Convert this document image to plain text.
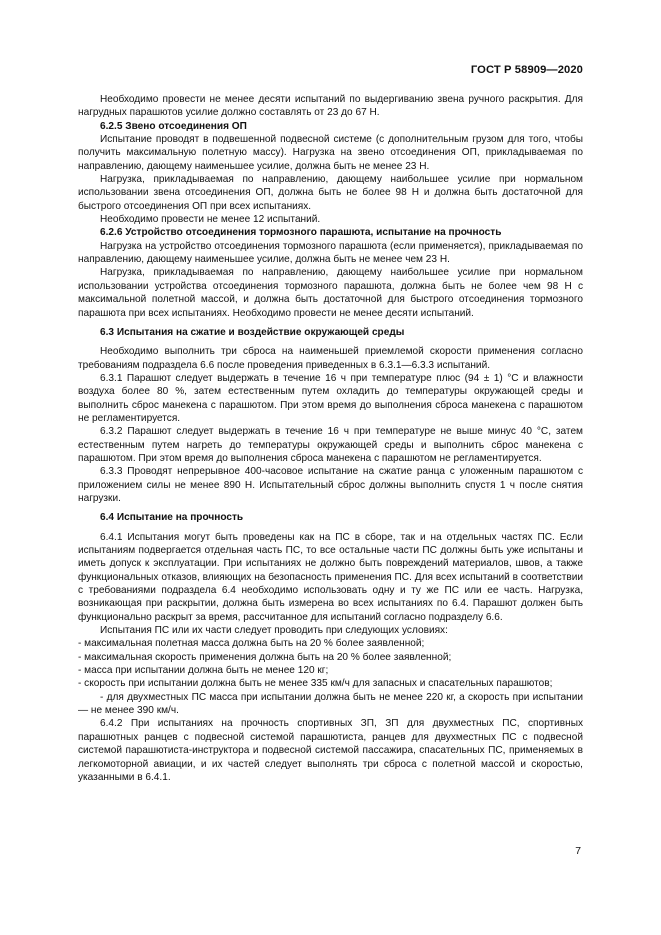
ГОСТ Р 58909—2020

Необходимо провести не менее десяти испытаний по выдергиванию звена ручного раскрытия. Для нагрудных парашютов усилие должно составлять от 23 до 67 Н.

6.2.5 Звено отсоединения ОП

Испытание проводят в подвешенной подвесной системе (с дополнительным грузом для того, чтобы получить максимальную полетную массу). Нагрузка на звено отсоединения ОП, прикладываемая по направлению, дающему наименьшее усилие, должна быть не менее 23 Н.

Нагрузка, прикладываемая по направлению, дающему наибольшее усилие при нормальном использовании звена отсоединения ОП, должна быть не более 98 Н и должна быть достаточной для быстрого отсоединения ОП при всех испытаниях.

Необходимо провести не менее 12 испытаний.

6.2.6 Устройство отсоединения тормозного парашюта, испытание на прочность

Нагрузка на устройство отсоединения тормозного парашюта (если применяется), прикладываемая по направлению, дающему наименьшее усилие, должна быть не менее чем 23 Н.

Нагрузка, прикладываемая по направлению, дающему наибольшее усилие при нормальном использовании устройства отсоединения тормозного парашюта, должна быть не более чем 98 Н с максимальной полетной массой, и должна быть достаточной для быстрого отсоединения тормозного парашюта при всех испытаниях. Необходимо провести не менее десяти испытаний.

6.3 Испытания на сжатие и воздействие окружающей среды

Необходимо выполнить три сброса на наименьшей приемлемой скорости применения согласно требованиям подраздела 6.6 после проведения приведенных в 6.3.1—6.3.3 испытаний.

6.3.1 Парашют следует выдержать в течение 16 ч при температуре плюс (94 ± 1) °С и влажности воздуха более 80 %, затем естественным путем охладить до температуры окружающей среды и выполнить сброс манекена с парашютом. При этом время до выполнения сброса манекена с парашютом не регламентируется.

6.3.2 Парашют следует выдержать в течение 16 ч при температуре не выше минус 40 °С, затем естественным путем нагреть до температуры окружающей среды и выполнить сброс манекена с парашютом. При этом время до выполнения сброса манекена с парашютом не регламентируется.

6.3.3 Проводят непрерывное 400-часовое испытание на сжатие ранца с уложенным парашютом с приложением силы не менее 890 Н. Испытательный сброс должны выполнить спустя 1 ч после снятия нагрузки.

6.4 Испытание на прочность

6.4.1 Испытания могут быть проведены как на ПС в сборе, так и на отдельных частях ПС. Если испытаниям подвергается отдельная часть ПС, то все остальные части ПС должны быть уже испытаны и иметь допуск к эксплуатации. При испытаниях не должно быть повреждений материалов, швов, а также функциональных отказов, влияющих на безопасность применения ПС. Для всех испытаний в соответствии с требованиями подраздела 6.4 необходимо использовать одну и ту же ПС или ее часть. Нагрузка, возникающая при раскрытии, должна быть измерена во всех испытаниях по 6.4. Парашют должен быть функционально раскрыт за время, рассчитанное для испытаний согласно подразделу 6.6.

Испытания ПС или их части следует проводить при следующих условиях:

- максимальная полетная масса должна быть на 20 % более заявленной;

- максимальная скорость применения должна быть на 20 % более заявленной;

- масса при испытании должна быть не менее 120 кг;

- скорость при испытании должна быть не менее 335 км/ч для запасных и спасательных парашютов;

- для двухместных ПС масса при испытании должна быть не менее 220 кг, а скорость при испытании — не менее 390 км/ч.

6.4.2 При испытаниях на прочность спортивных ЗП, ЗП для двухместных ПС, спортивных парашютных ранцев с подвесной системой парашютиста, ранцев для двухместных ПС с подвесной системой парашютиста-инструктора и подвесной системой пассажира, спасательных ПС, применяемых в легкомоторной авиации, и их частей следует выполнять три сброса с полетной массой и скоростью, указанными в 6.4.1.

7
